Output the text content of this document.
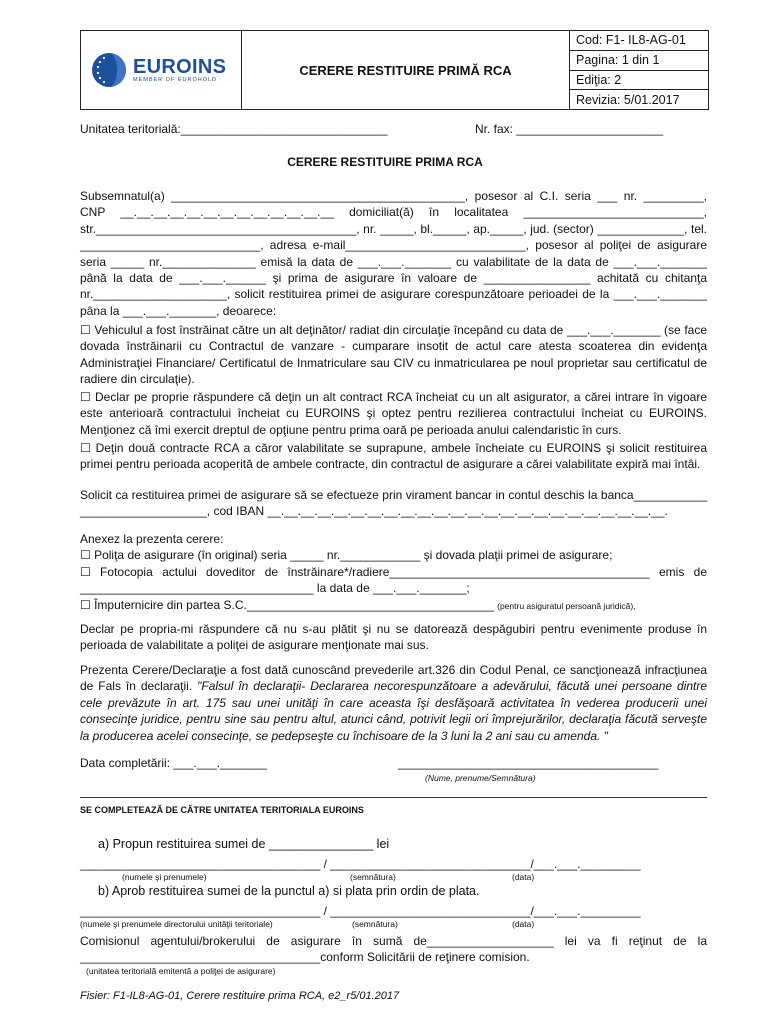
EUROINS
MEMBER OF EUROHOLD
CERERE RESTITUIRE PRIMĂ RCA
Cod: F1- IL8-AG-01
Pagina: 1 din 1
Ediţia: 2
Revizia: 5/01.2017
Unitatea teritorială:_______________________________	Nr. fax: ______________________
CERERE RESTITUIRE PRIMA RCA
Subsemnatul(a) ____________________________________________, posesor al C.I. seria ___ nr. _________, CNP __.__.__.__.__.__.__.__.__.__.__.__.__ domiciliat(ă) în localitatea ___________________________, str._______________________________________, nr. _____, bl._____, ap._____, jud. (sector) _____________, tel. ___________________________, adresa e-mail___________________________, posesor al poliţei de asigurare seria _____ nr.______________ emisă la data de ___.___._______ cu valabilitate de la data de ___.___._______ până la data de ___.___.______ şi prima de asigurare în valoare de ________________ achitată cu chitanţa nr.____________________, solicit restituirea primei de asigurare corespunzătoare perioadei de la ___.___._______ pâna la ___.___._______, deoarece:
☐ Vehiculul a fost înstrăinat către un alt deţinător/ radiat din circulaţie începând cu data de ___.___._______ (se face dovada înstrăinarii cu Contractul de vanzare - cumparare insotit de actul care atesta scoaterea din evidenţa Administraţiei Financiare/ Certificatul de Inmatriculare sau CIV cu inmatricularea pe noul proprietar sau certificatul de radiere din circulaţie).
☐ Declar pe proprie răspundere că deţin un alt contract RCA încheiat cu un alt asigurator, a cărei intrare în vigoare este anterioară contractului încheiat cu EUROINS şi optez pentru rezilierea contractului încheiat cu EUROINS. Menţionez că îmi exercit dreptul de opţiune pentru prima oară pe perioada anului calendaristic în curs.
☐ Deţin două contracte RCA a căror valabilitate se suprapune, ambele încheiate cu EUROINS şi solicit restituirea primei pentru perioada acoperită de ambele contracte, din contractul de asigurare a cărei valabilitate expiră mai întâi.
Solicit ca restituirea primei de asigurare să se efectueze prin virament bancar in contul deschis la banca___________ ___________________, cod IBAN __.__.__.__.__.__.__.__.__.__.__.__.__.__.__.__.__.__.__.__.__.__.__.__.
Anexez la prezenta cerere:
☐ Poliţa de asigurare (în original) seria _____ nr.____________ şi dovada plaţii primei de asigurare;
☐ Fotocopia actului doveditor de înstrăinare*/radiere_______________________________________ emis de ___________________________________ la data de ___.___._______;
☐ Împuternicire din partea S.C._____________________________________ (pentru asiguratul persoană juridică),
Declar pe propria-mi răspundere că nu s-au plătit şi nu se datorează despăgubiri pentru evenimente produse în perioada de valabilitate a poliţei de asigurare menţionate mai sus.
Prezenta Cerere/Declaraţie a fost dată cunoscând prevederile art.326 din Codul Penal, ce sancţionează infracţiunea de Fals în declaraţii. "Falsul în declaraţii- Declararea necorespunzătoare a adevărului, făcută unei persoane dintre cele prevăzute în art. 175 sau unei unităţi în care aceasta îşi desfăşoară activitatea în vederea producerii unei consecinţe juridice, pentru sine sau pentru altul, atunci când, potrivit legii ori împrejurărilor, declaraţia făcută serveşte la producerea acelei consecinţe, se pedepseşte cu închisoare de la 3 luni la 2 ani sau cu amenda. "
Data completării: ___.___._______	_______________________________________
(Nume, prenume/Semnătura)
SE COMPLETEAZĂ DE CĂTRE UNITATEA TERITORIALA EUROINS
a) Propun restituirea sumei de _______________ lei
____________________________________ / ______________________________/___.___._________
(numele şi prenumele)	(semnătura)	(data)
b) Aprob restituirea sumei de la punctul a) si plata prin ordin de plata.
____________________________________ / ______________________________/___.___._________
(numele şi prenumele directorului unităţii teritoriale)	(semnătura)	(data)
Comisionul agentului/brokerului de asigurare în sumă de___________________ lei va fi reţinut de la ____________________________________conform Solicitării de reţinere comision.
(unitatea teritorială emitentă a poliţei de asigurare)
Fisier: F1-IL8-AG-01, Cerere restituire prima RCA, e2_r5/01.2017
